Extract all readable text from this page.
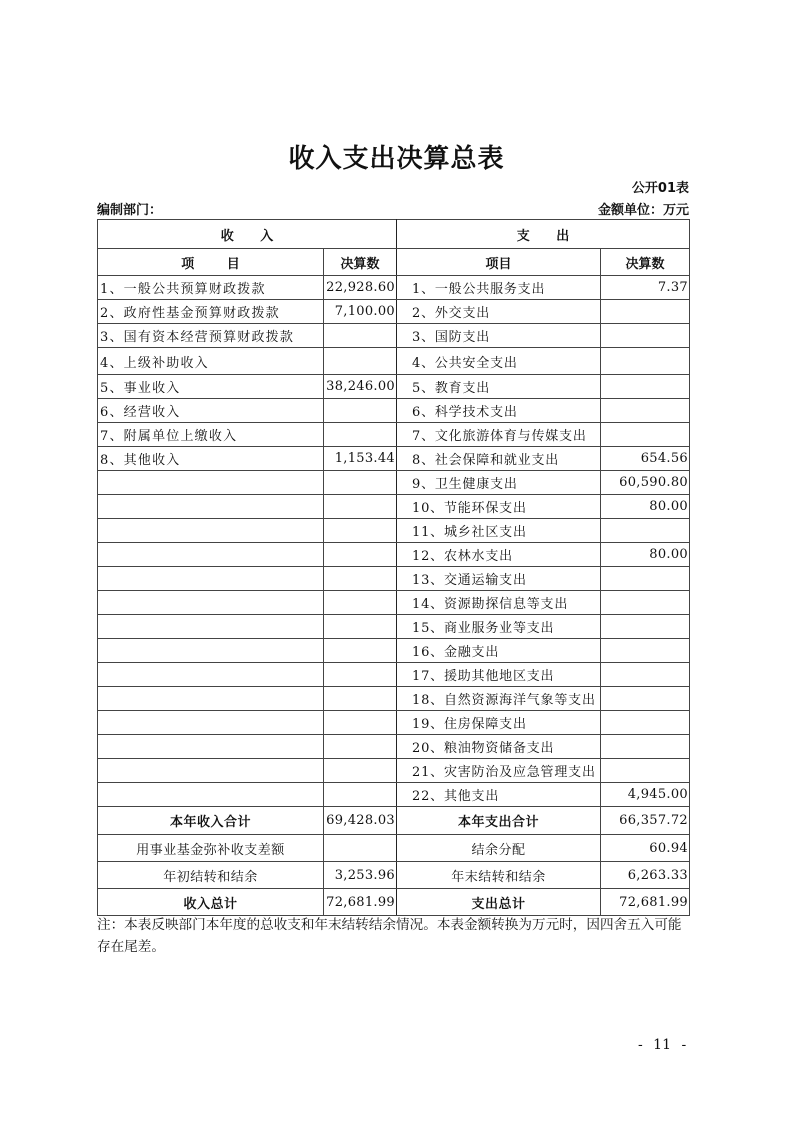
收入支出决算总表
公开01表
编制部门：	金额单位：万元
收 入		支 出	
项 目	决算数	项目	决算数
1、一般公共预算财政拨款	22,928.60	1、一般公共服务支出	7.37
2、政府性基金预算财政拨款	7,100.00	2、外交支出	
3、国有资本经营预算财政拨款		3、国防支出	
4、上级补助收入		4、公共安全支出	
5、事业收入	38,246.00	5、教育支出	
6、经营收入		6、科学技术支出	
7、附属单位上缴收入		7、文化旅游体育与传媒支出	
8、其他收入	1,153.44	8、社会保障和就业支出	654.56
		9、卫生健康支出	60,590.80
		10、节能环保支出	80.00
		11、城乡社区支出	
		12、农林水支出	80.00
		13、交通运输支出	
		14、资源勘探信息等支出	
		15、商业服务业等支出	
		16、金融支出	
		17、援助其他地区支出	
		18、自然资源海洋气象等支出	
		19、住房保障支出	
		20、粮油物资储备支出	
		21、灾害防治及应急管理支出	
		22、其他支出	4,945.00
本年收入合计	69,428.03	本年支出合计	66,357.72
用事业基金弥补收支差额		结余分配	60.94
年初结转和结余	3,253.96	年末结转和结余	6,263.33
收入总计	72,681.99	支出总计	72,681.99
注：本表反映部门本年度的总收支和年末结转结余情况。本表金额转换为万元时，因四舍五入可能存在尾差。
- 11 -
